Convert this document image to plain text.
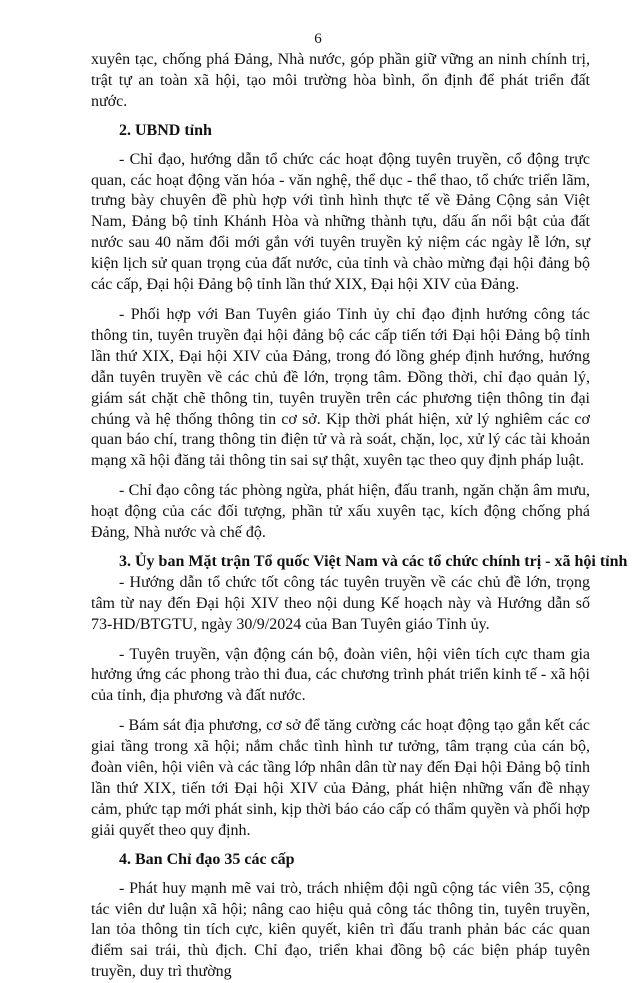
6

xuyên tạc, chống phá Đảng, Nhà nước, góp phần giữ vững an ninh chính trị, trật tự an toàn xã hội, tạo môi trường hòa bình, ổn định để phát triển đất nước.

2. UBND tỉnh

- Chỉ đạo, hướng dẫn tổ chức các hoạt động tuyên truyền, cổ động trực quan, các hoạt động văn hóa - văn nghệ, thể dục - thể thao, tổ chức triển lãm, trưng bày chuyên đề phù hợp với tình hình thực tế về Đảng Cộng sản Việt Nam, Đảng bộ tỉnh Khánh Hòa và những thành tựu, dấu ấn nổi bật của đất nước sau 40 năm đổi mới gắn với tuyên truyền kỷ niệm các ngày lễ lớn, sự kiện lịch sử quan trọng của đất nước, của tỉnh và chào mừng đại hội đảng bộ các cấp, Đại hội Đảng bộ tỉnh lần thứ XIX, Đại hội XIV của Đảng.

- Phối hợp với Ban Tuyên giáo Tỉnh ủy chỉ đạo định hướng công tác thông tin, tuyên truyền đại hội đảng bộ các cấp tiến tới Đại hội Đảng bộ tỉnh lần thứ XIX, Đại hội XIV của Đảng, trong đó lồng ghép định hướng, hướng dẫn tuyên truyền về các chủ đề lớn, trọng tâm. Đồng thời, chỉ đạo quản lý, giám sát chặt chẽ thông tin, tuyên truyền trên các phương tiện thông tin đại chúng và hệ thống thông tin cơ sở. Kịp thời phát hiện, xử lý nghiêm các cơ quan báo chí, trang thông tin điện tử và rà soát, chặn, lọc, xử lý các tài khoản mạng xã hội đăng tải thông tin sai sự thật, xuyên tạc theo quy định pháp luật.

- Chỉ đạo công tác phòng ngừa, phát hiện, đấu tranh, ngăn chặn âm mưu, hoạt động của các đối tượng, phần tử xấu xuyên tạc, kích động chống phá Đảng, Nhà nước và chế độ.

3. Ủy ban Mặt trận Tổ quốc Việt Nam và các tổ chức chính trị - xã hội tỉnh

- Hướng dẫn tổ chức tốt công tác tuyên truyền về các chủ đề lớn, trọng tâm từ nay đến Đại hội XIV theo nội dung Kế hoạch này và Hướng dẫn số 73-HD/BTGTU, ngày 30/9/2024 của Ban Tuyên giáo Tỉnh ủy.

- Tuyên truyền, vận động cán bộ, đoàn viên, hội viên tích cực tham gia hưởng ứng các phong trào thi đua, các chương trình phát triển kinh tế - xã hội của tỉnh, địa phương và đất nước.

- Bám sát địa phương, cơ sở để tăng cường các hoạt động tạo gắn kết các giai tầng trong xã hội; nắm chắc tình hình tư tưởng, tâm trạng của cán bộ, đoàn viên, hội viên và các tầng lớp nhân dân từ nay đến Đại hội Đảng bộ tỉnh lần thứ XIX, tiến tới Đại hội XIV của Đảng, phát hiện những vấn đề nhạy cảm, phức tạp mới phát sinh, kịp thời báo cáo cấp có thẩm quyền và phối hợp giải quyết theo quy định.

4. Ban Chỉ đạo 35 các cấp

- Phát huy mạnh mẽ vai trò, trách nhiệm đội ngũ cộng tác viên 35, cộng tác viên dư luận xã hội; nâng cao hiệu quả công tác thông tin, tuyên truyền, lan tỏa thông tin tích cực, kiên quyết, kiên trì đấu tranh phản bác các quan điểm sai trái, thù địch. Chỉ đạo, triển khai đồng bộ các biện pháp tuyên truyền, duy trì thường
